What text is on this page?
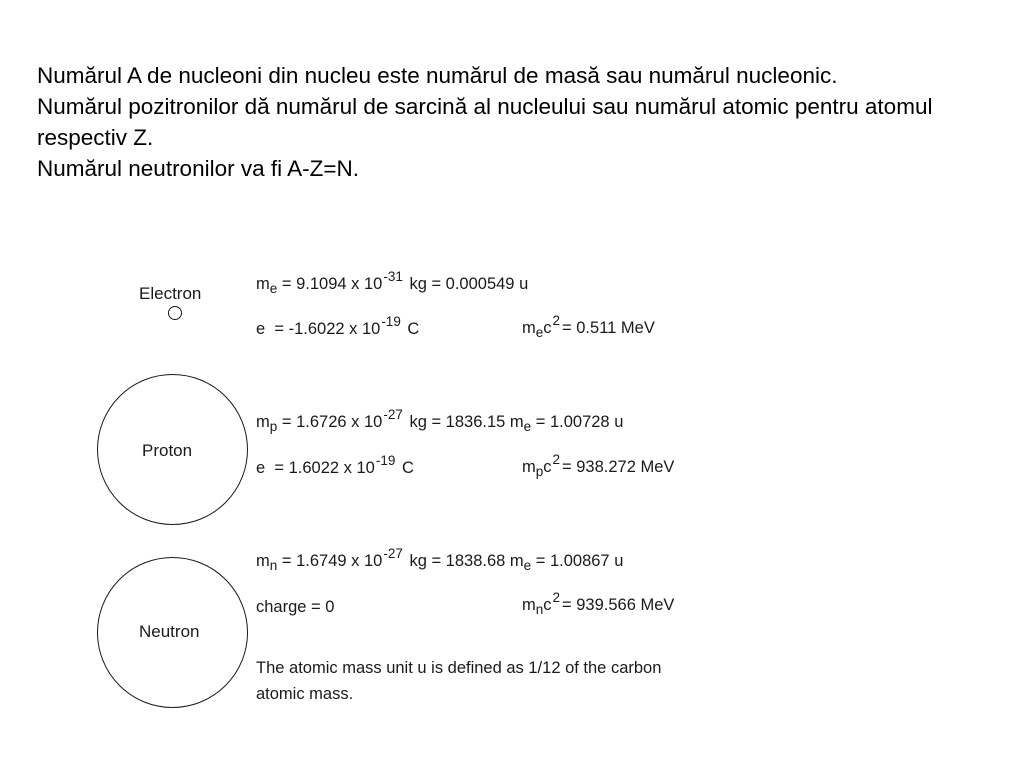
Numărul A de nucleoni din nucleu este numărul de masă sau numărul nucleonic.

Numărul pozitronilor dă numărul de sarcină al nucleului sau numărul atomic pentru atomul respectiv Z.

Numărul neutronilor va fi A-Z=N.

Electron	$m_e = 9.1094$ x $10^{-31}$ kg = 0.000549 u
e = -1.6022 x $10^{-19}$ C	$m_ec^2 = 0.511$ MeV
Proton
$m_p = 1.6726$ x $10^{-27}$ kg = 1836.15 $m_e = 1.00728$ u
e = 1.6022 x $10^{-19}$ C	$m_pc^2 = 938.272$ MeV
Neutron
$m_n = 1.6749$ x $10^{-27}$ kg = 1838.68 $m_e = 1.00867$ u
charge = 0	$m_nc^2 = 939.566$ MeV
The atomic mass unit u is defined as 1/12 of the carbon
atomic mass.
